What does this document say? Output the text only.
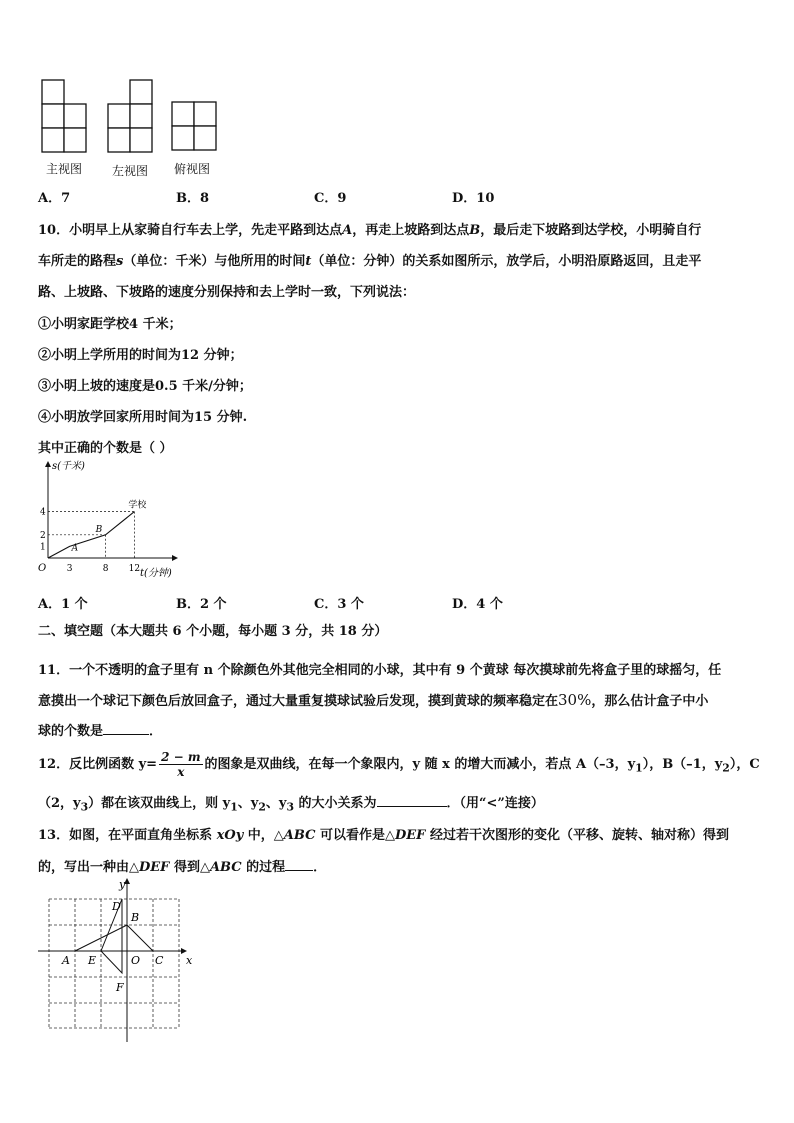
主视图 左视图 俯视图
A．7	B．8	C．9	D．10
10．小明早上从家骑自行车去上学，先走平路到达点A，再走上坡路到达点B，最后走下坡路到达学校，小明骑自行
车所走的路程s（单位：千米）与他所用的时间t（单位：分钟）的关系如图所示，放学后，小明沿原路返回，且走平
路、上坡路、下坡路的速度分别保持和去上学时一致，下列说法：
①小明家距学校4 千米；
②小明上学所用的时间为12 分钟；
③小明上坡的速度是0.5 千米/分钟；
④小明放学回家所用时间为15 分钟.
其中正确的个数是（ ）
s(千米)
t(分钟)
O 3	8 12
1
2
4
A
B
学校
A．1 个	B．2 个	C．3 个	D．4 个
二、填空题（本大题共 6 个小题，每小题 3 分，共 18 分）
11．一个不透明的盒子里有 n 个除颜色外其他完全相同的小球，其中有 9 个黄球 每次摸球前先将盒子里的球摇匀，任
意摸出一个球记下颜色后放回盒子，通过大量重复摸球试验后发现，摸到黄球的频率稳定在30%，那么估计盒子中小
球的个数是	．
12．反比例函数 $y= \frac{2 - m}{x}$ 的图象是双曲线，在每一个象限内，y 随 x 的增大而减小，若点 A（–3，$y_1$），B（–1，$y_2$），C
（2，$y_3$）都在该双曲线上，则 $y_1$、$y_2$、$y_3$ 的大小关系为	．（用“<”连接）
13．如图，在平面直角坐标系 xOy 中，△ABC 可以看作是△DEF 经过若干次图形的变化（平移、旋转、轴对称）得到
的，写出一种由△DEF 得到△ABC 的过程 ．
y
x
D
B
A E	O C
F
